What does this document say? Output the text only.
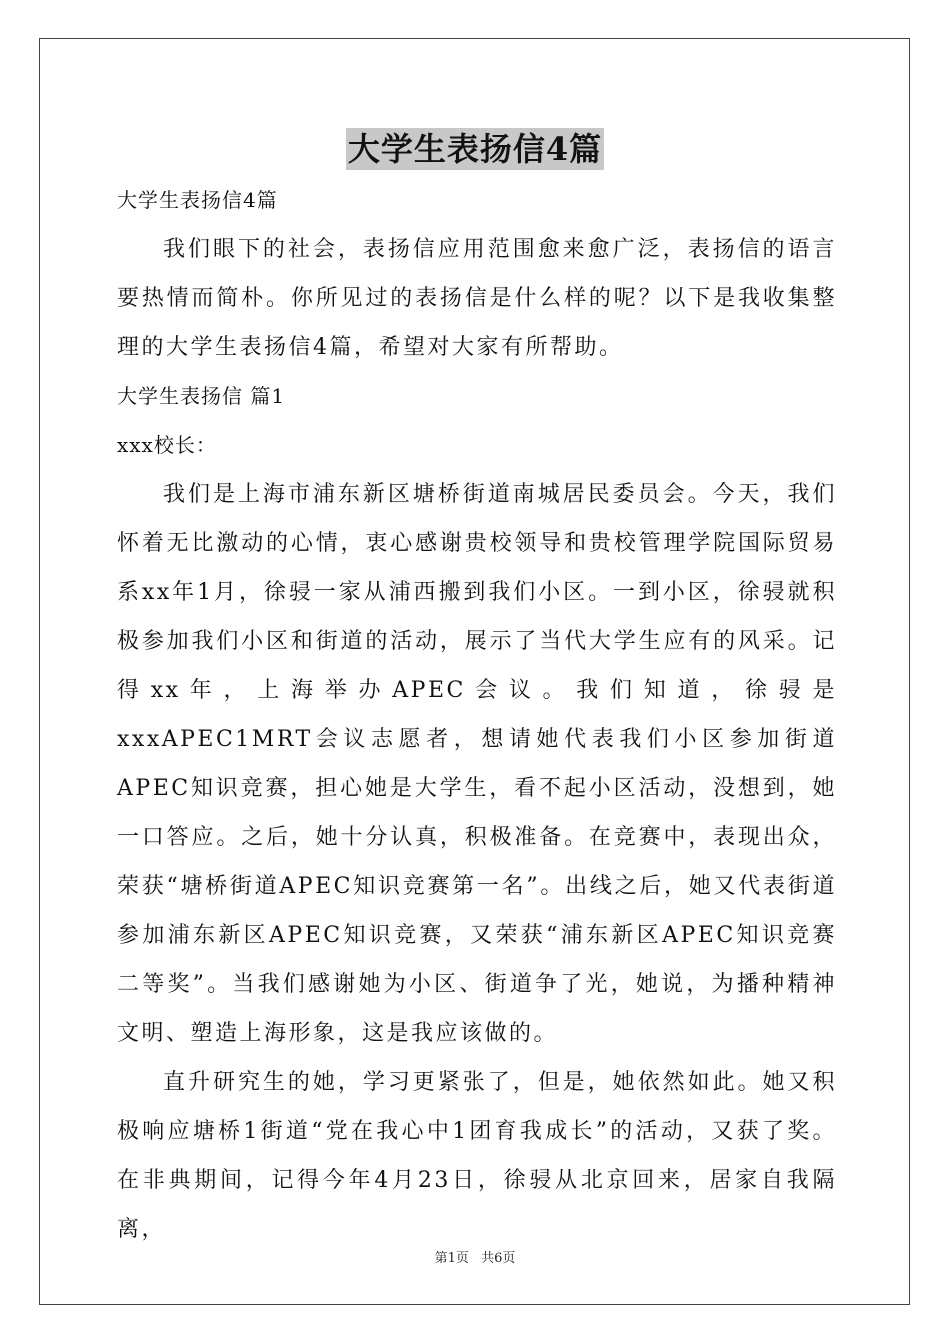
大学生表扬信4篇

大学生表扬信4篇

我们眼下的社会，表扬信应用范围愈来愈广泛，表扬信的语言要热情而简朴。你所见过的表扬信是什么样的呢？以下是我收集整理的大学生表扬信4篇，希望对大家有所帮助。

大学生表扬信 篇1

xxx校长：

我们是上海市浦东新区塘桥街道南城居民委员会。今天，我们怀着无比激动的心情，衷心感谢贵校领导和贵校管理学院国际贸易系xx年1月，徐骎一家从浦西搬到我们小区。一到小区，徐骎就积极参加我们小区和街道的活动，展示了当代大学生应有的风采。记得xx年，上海举办APEC会议。我们知道，徐骎是xxxAPEC1MRT会议志愿者，想请她代表我们小区参加街道APEC知识竞赛，担心她是大学生，看不起小区活动，没想到，她一口答应。之后，她十分认真，积极准备。在竞赛中，表现出众，荣获“塘桥街道APEC知识竞赛第一名”。出线之后，她又代表街道参加浦东新区APEC知识竞赛，又荣获“浦东新区APEC知识竞赛二等奖”。当我们感谢她为小区、街道争了光，她说，为播种精神文明、塑造上海形象，这是我应该做的。

直升研究生的她，学习更紧张了，但是，她依然如此。她又积极响应塘桥1街道“党在我心中1团育我成长”的活动，又获了奖。在非典期间，记得今年4月23日，徐骎从北京回来，居家自我隔离，

第1页 共6页
